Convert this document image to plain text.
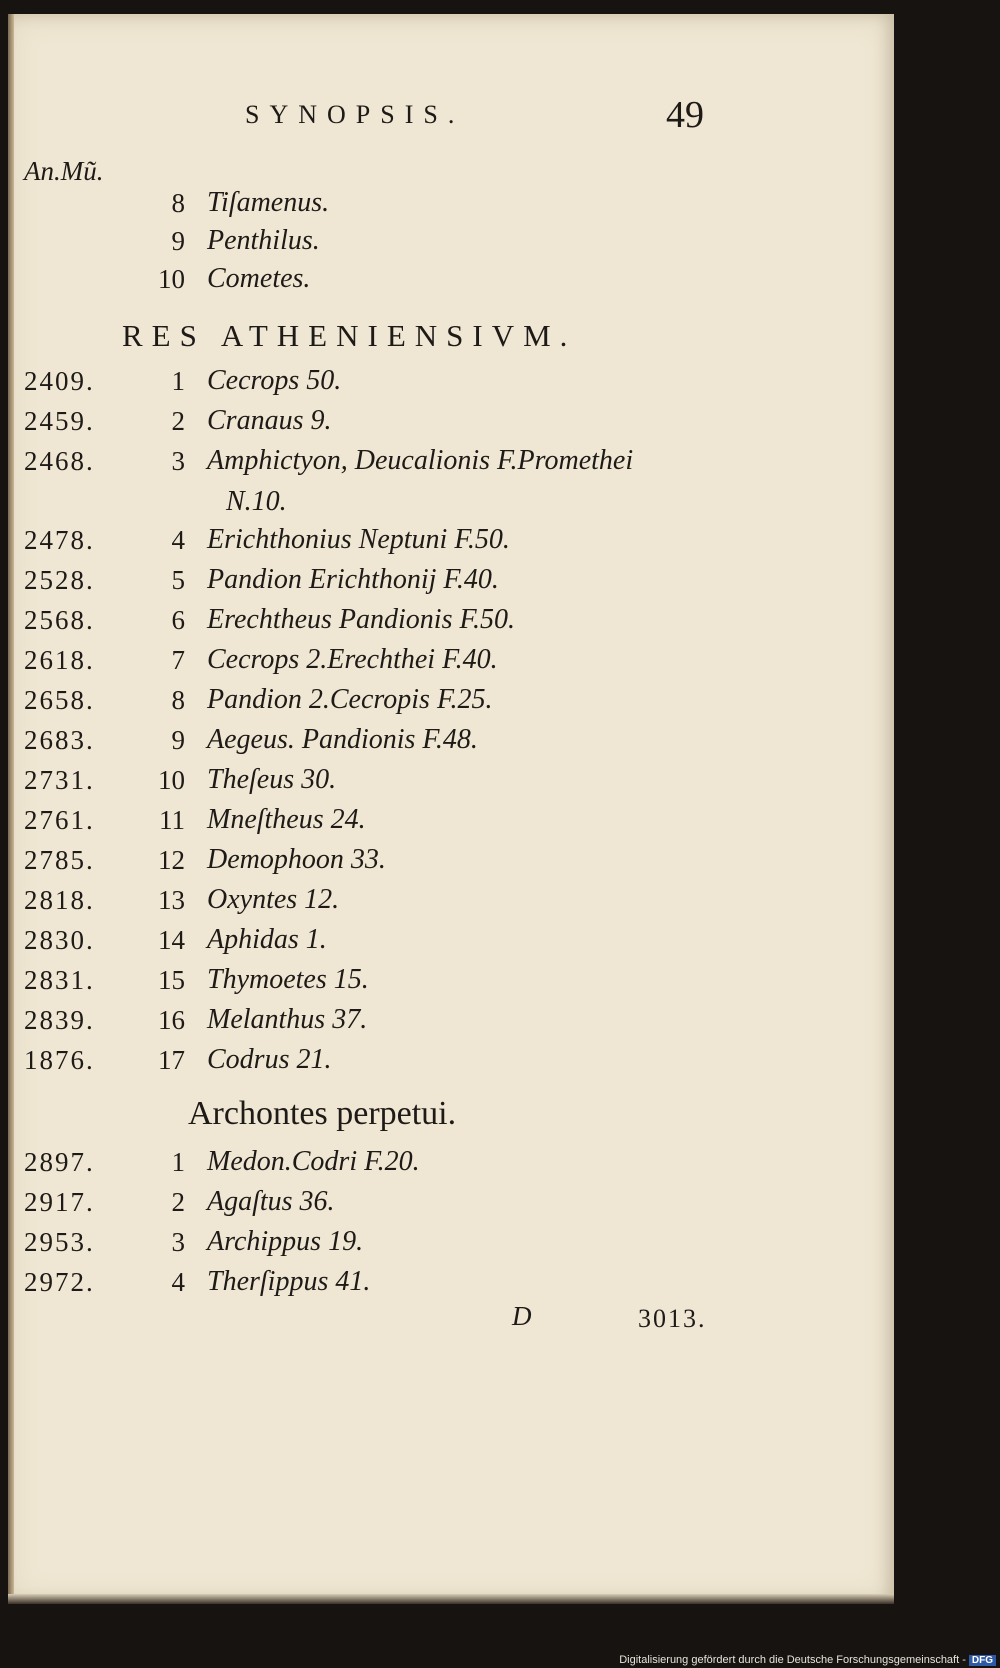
SYNOPSIS.	49
An.Mũ.
8 Tiſamenus.
9 Penthilus.
10 Cometes.
RES ATHENIENSIVM.
2409.	1 Cecrops 50.
2459.	2 Cranaus 9.
2468.	3 Amphictyon, Deucalionis F.Promethei
N.10.
2478.	4 Erichthonius Neptuni F.50.
2528.	5 Pandion Erichthonij F.40.
2568.	6 Erechtheus Pandionis F.50.
2618.	7 Cecrops 2.Erechthei F.40.
2658.	8 Pandion 2.Cecropis F.25.
2683.	9 Aegeus. Pandionis F.48.
2731.	10 Theſeus 30.
2761.	11 Mneſtheus 24.
2785.	12 Demophoon 33.
2818.	13 Oxyntes 12.
2830.	14 Aphidas 1.
2831.	15 Thymoetes 15.
2839.	16 Melanthus 37.
1876.	17 Codrus 21.
Archontes perpetui.
2897.	1 Medon.Codri F.20.
2917.	2 Agaſtus 36.
2953.	3 Archippus 19.
2972.	4 Therſippus 41.
D	3013.
Digitalisierung gefördert durch die Deutsche Forschungsgemeinschaft - DFG
